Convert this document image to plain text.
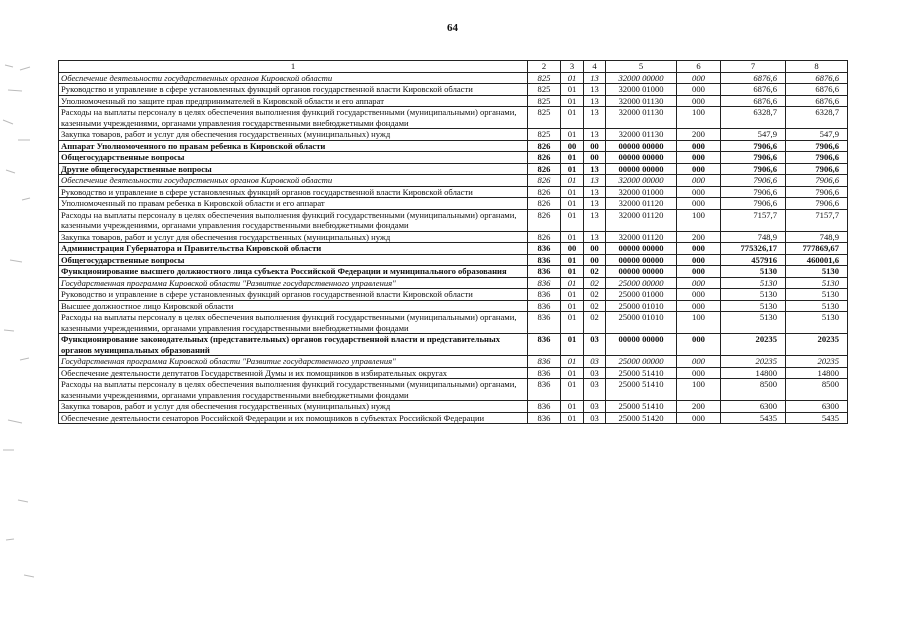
64
1	2	3	4	5	6	7	8
Обеспечение деятельности государственных органов Кировской области	825	01	13	32000 00000	000	6876,6	6876,6
Руководство и управление в сфере установленных функций органов государственной власти Кировской области	825	01	13	32000 01000	000	6876,6	6876,6
Уполномоченный по защите прав предпринимателей в Кировской области и его аппарат	825	01	13	32000 01130	000	6876,6	6876,6
Расходы на выплаты персоналу в целях обеспечения выполнения функций государственными (муниципальными) органами, казенными учреждениями, органами управления государственными внебюджетными фондами	825	01	13	32000 01130	100	6328,7	6328,7
Закупка товаров, работ и услуг для обеспечения государственных (муниципальных) нужд	825	01	13	32000 01130	200	547,9	547,9
Аппарат Уполномоченного по правам ребенка в Кировской области	826	00	00	00000 00000	000	7906,6	7906,6
Общегосударственные вопросы	826	01	00	00000 00000	000	7906,6	7906,6
Другие общегосударственные вопросы	826	01	13	00000 00000	000	7906,6	7906,6
Обеспечение деятельности государственных органов Кировской области	826	01	13	32000 00000	000	7906,6	7906,6
Руководство и управление в сфере установленных функций органов государственной власти Кировской области	826	01	13	32000 01000	000	7906,6	7906,6
Уполномоченный по правам ребенка в Кировской области и его аппарат	826	01	13	32000 01120	000	7906,6	7906,6
Расходы на выплаты персоналу в целях обеспечения выполнения функций государственными (муниципальными) органами, казенными учреждениями, органами управления государственными внебюджетными фондами	826	01	13	32000 01120	100	7157,7	7157,7
Закупка товаров, работ и услуг для обеспечения государственных (муниципальных) нужд	826	01	13	32000 01120	200	748,9	748,9
Администрация Губернатора и Правительства Кировской области	836	00	00	00000 00000	000	775326,17	777869,67
Общегосударственные вопросы	836	01	00	00000 00000	000	457916	460001,6
Функционирование высшего должностного лица субъекта Российской Федерации и муниципального образования	836	01	02	00000 00000	000	5130	5130
Государственная программа Кировской области "Развитие государственного управления"	836	01	02	25000 00000	000	5130	5130
Руководство и управление в сфере установленных функций органов государственной власти Кировской области	836	01	02	25000 01000	000	5130	5130
Высшее должностное лицо Кировской области	836	01	02	25000 01010	000	5130	5130
Расходы на выплаты персоналу в целях обеспечения выполнения функций государственными (муниципальными) органами, казенными учреждениями, органами управления государственными внебюджетными фондами	836	01	02	25000 01010	100	5130	5130
Функционирование законодательных (представительных) органов государственной власти и представительных органов муниципальных образований	836	01	03	00000 00000	000	20235	20235
Государственная программа Кировской области "Развитие государственного управления"	836	01	03	25000 00000	000	20235	20235
Обеспечение деятельности депутатов Государственной Думы и их помощников в избирательных округах	836	01	03	25000 51410	000	14800	14800
Расходы на выплаты персоналу в целях обеспечения выполнения функций государственными (муниципальными) органами, казенными учреждениями, органами управления государственными внебюджетными фондами	836	01	03	25000 51410	100	8500	8500
Закупка товаров, работ и услуг для обеспечения государственных (муниципальных) нужд	836	01	03	25000 51410	200	6300	6300
Обеспечение деятельности сенаторов Российской Федерации и их помощников в субъектах Российской Федерации	836	01	03	25000 51420	000	5435	5435
